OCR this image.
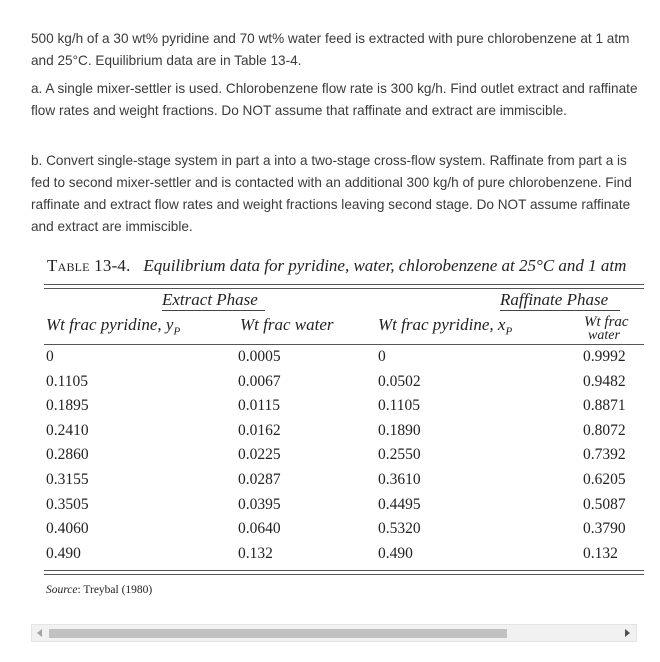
500 kg/h of a 30 wt% pyridine and 70 wt% water feed is extracted with pure chlorobenzene at 1 atm and 25°C. Equilibrium data are in Table 13-4.

a. A single mixer-settler is used. Chlorobenzene flow rate is 300 kg/h. Find outlet extract and raffinate flow rates and weight fractions. Do NOT assume that raffinate and extract are immiscible.

b. Convert single-stage system in part a into a two-stage cross-flow system. Raffinate from part a is fed to second mixer-settler and is contacted with an additional 300 kg/h of pure chlorobenzene. Find raffinate and extract flow rates and weight fractions leaving second stage. Do NOT assume raffinate and extract are immiscible.

Table 13-4. Equilibrium data for pyridine, water, chlorobenzene at 25°C and 1 atm
Extract Phase	Raffinate Phase
Wt frac pyridine, $y_P$	Wt frac water	Wt frac pyridine, $x_P$
Wt frac
water
0	0.0005	0	0.9992
0.1105	0.0067	0.0502	0.9482
0.1895	0.0115	0.1105	0.8871
0.2410	0.0162	0.1890	0.8072
0.2860	0.0225	0.2550	0.7392
0.3155	0.0287	0.3610	0.6205
0.3505	0.0395	0.4495	0.5087
0.4060	0.0640	0.5320	0.3790
0.490	0.132	0.490	0.132
Source: Treybal (1980)
